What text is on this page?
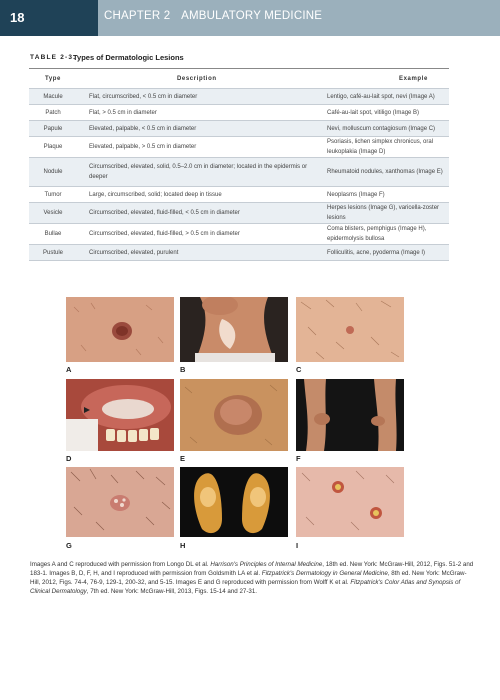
18	CHAPTER 2 AMBULATORY MEDICINE
TABLE 2-3.
Types of Dermatologic Lesions
Type	Description	Example
Macule	Flat, circumscribed, < 0.5 cm in diameter	Lentigo, café-au-lait spot, nevi (Image A)
Patch	Flat, > 0.5 cm in diameter	Café-au-lait spot, vitiligo (Image B)
Papule	Elevated, palpable, < 0.5 cm in diameter	Nevi, molluscum contagiosum (Image C)
Plaque	Elevated, palpable, > 0.5 cm in diameter	Psoriasis, lichen simplex chronicus, oral leukoplakia (Image D)
Nodule	Circumscribed, elevated, solid, 0.5–2.0 cm in diameter; located in the epidermis or deeper	Rheumatoid nodules, xanthomas (Image E)
Tumor	Large, circumscribed, solid; located deep in tissue	Neoplasms (Image F)
Vesicle	Circumscribed, elevated, fluid-filled, < 0.5 cm in diameter	Herpes lesions (Image G), varicella-zoster lesions
Bullae	Circumscribed, elevated, fluid-filled, > 0.5 cm in diameter	Coma blisters, pemphigus (Image H), epidermolysis bullosa
Pustule	Circumscribed, elevated, purulent	Folliculitis, acne, pyoderma (Image I)
A	B	C
D	E	F
G	H	I
Images A and C reproduced with permission from Longo DL et al. Harrison's Principles of Internal Medicine, 18th ed. New York: McGraw-Hill, 2012, Figs. 51-2 and 183-1. Images B, D, F, H, and I reproduced with permission from Goldsmith LA et al. Fitzpatrick's Dermatology in General Medicine, 8th ed. New York: McGraw-Hill, 2012, Figs. 74-4, 76-9, 129-1, 200-32, and 5-15. Images E and G reproduced with permission from Wolff K et al. Fitzpatrick's Color Atlas and Synopsis of Clinical Dermatology, 7th ed. New York: McGraw-Hill, 2013, Figs. 15-14 and 27-31.
